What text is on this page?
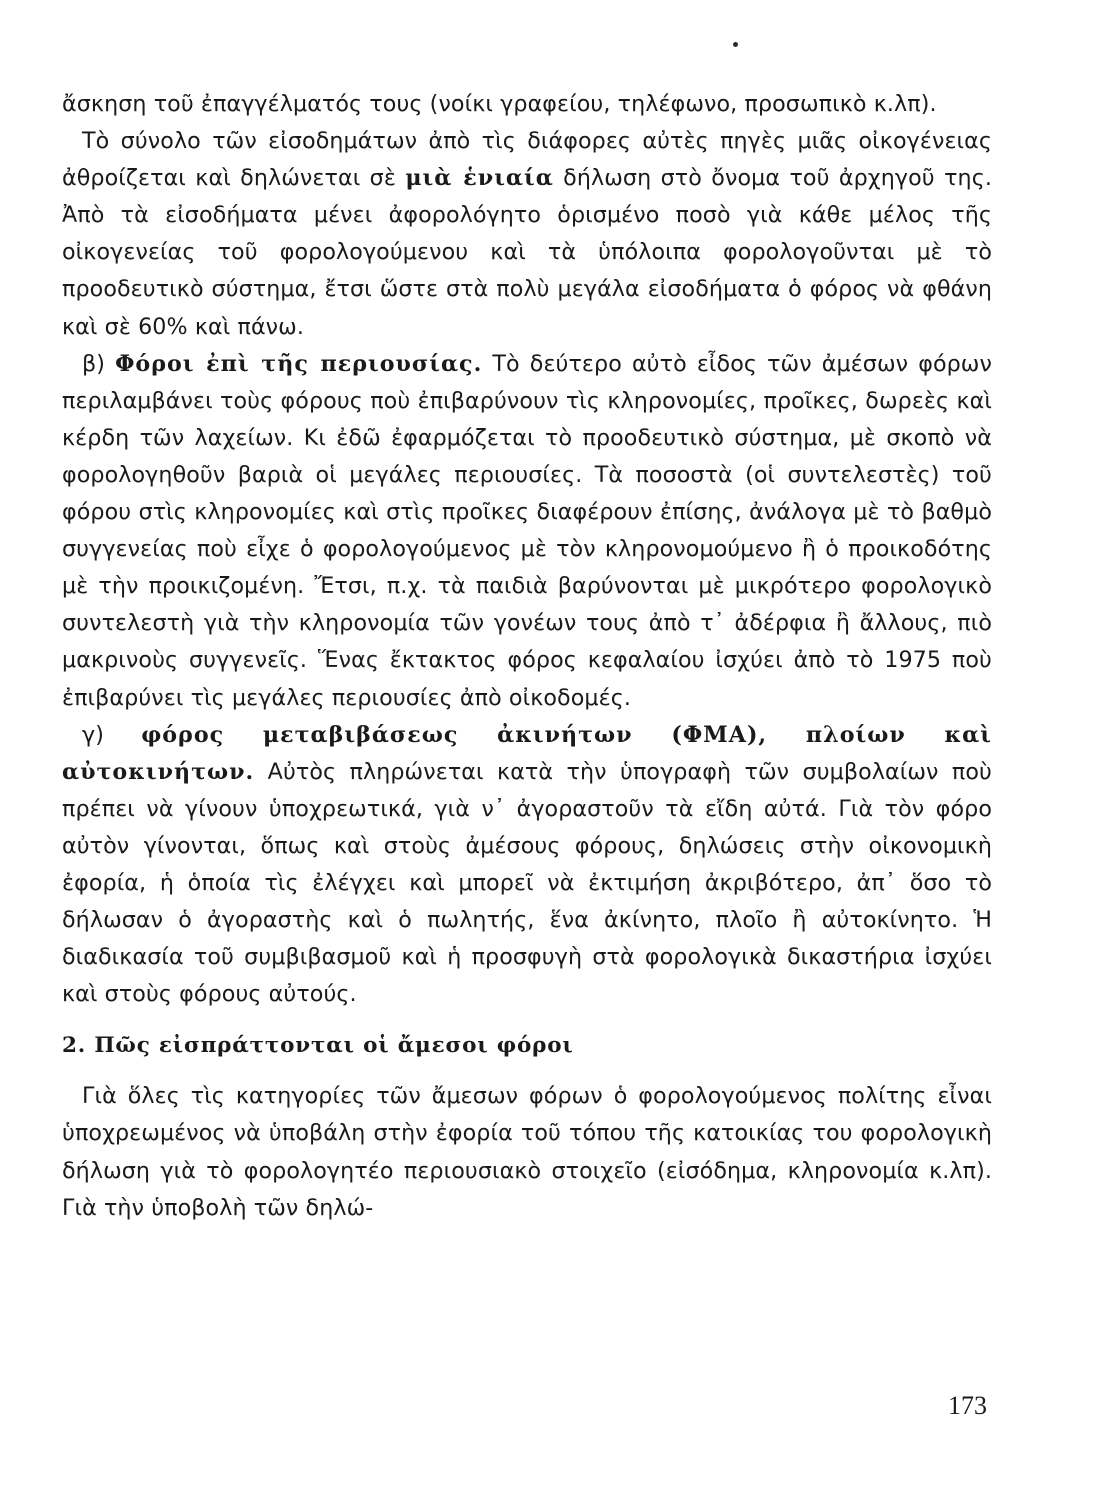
ἄσκηση τοῦ ἐπαγγέλματός τους (νοίκι γραφείου, τηλέφωνο, προσωπικὸ κ.λπ).

Τὸ σύνολο τῶν εἰσοδημάτων ἀπὸ τὶς διάφορες αὐτὲς πηγὲς μιᾶς οἰκογένειας ἀθροίζεται καὶ δηλώνεται σὲ μιὰ ἑνιαία δήλωση στὸ ὄνομα τοῦ ἀρχηγοῦ της. Ἀπὸ τὰ εἰσοδήματα μένει ἀφορολόγητο ὁρισμένο ποσὸ γιὰ κάθε μέλος τῆς οἰκογενείας τοῦ φορολογούμενου καὶ τὰ ὑπόλοιπα φορολογοῦνται μὲ τὸ προοδευτικὸ σύστημα, ἔτσι ὥστε στὰ πολὺ μεγάλα εἰσοδήματα ὁ φόρος νὰ φθάνη καὶ σὲ 60% καὶ πάνω.

β) Φόροι ἐπὶ τῆς περιουσίας. Τὸ δεύτερο αὐτὸ εἶδος τῶν ἀμέσων φόρων περιλαμβάνει τοὺς φόρους ποὺ ἐπιβαρύνουν τὶς κληρονομίες, προῖκες, δωρεὲς καὶ κέρδη τῶν λαχείων. Κι ἐδῶ ἐφαρμόζεται τὸ προοδευτικὸ σύστημα, μὲ σκοπὸ νὰ φορολογηθοῦν βαριὰ οἱ μεγάλες περιουσίες. Τὰ ποσοστὰ (οἱ συντελεστὲς) τοῦ φόρου στὶς κληρονομίες καὶ στὶς προῖκες διαφέρουν ἐπίσης, ἀνάλογα μὲ τὸ βαθμὸ συγγενείας ποὺ εἶχε ὁ φορολογούμενος μὲ τὸν κληρονομούμενο ἢ ὁ προικοδότης μὲ τὴν προικιζομένη. Ἔτσι, π.χ. τὰ παιδιὰ βαρύνονται μὲ μικρότερο φορολογικὸ συντελεστὴ γιὰ τὴν κληρονομία τῶν γονέων τους ἀπὸ τ᾽ ἀδέρφια ἢ ἄλλους, πιὸ μακρινοὺς συγγενεῖς. Ἕνας ἔκτακτος φόρος κεφαλαίου ἰσχύει ἀπὸ τὸ 1975 ποὺ ἐπιβαρύνει τὶς μεγάλες περιουσίες ἀπὸ οἰκοδομές.

γ) φόρος μεταβιβάσεως ἀκινήτων (ΦΜΑ), πλοίων καὶ αὐτοκινήτων. Αὐτὸς πληρώνεται κατὰ τὴν ὑπογραφὴ τῶν συμβολαίων ποὺ πρέπει νὰ γίνουν ὑποχρεωτικά, γιὰ ν᾽ ἀγοραστοῦν τὰ εἴδη αὐτά. Γιὰ τὸν φόρο αὐτὸν γίνονται, ὅπως καὶ στοὺς ἀμέσους φόρους, δηλώσεις στὴν οἰκονομικὴ ἐφορία, ἡ ὁποία τὶς ἐλέγχει καὶ μπορεῖ νὰ ἐκτιμήση ἀκριβότερο, ἀπ᾽ ὅσο τὸ δήλωσαν ὁ ἀγοραστὴς καὶ ὁ πωλητής, ἕνα ἀκίνητο, πλοῖο ἢ αὐτοκίνητο. Ἡ διαδικασία τοῦ συμβιβασμοῦ καὶ ἡ προσφυγὴ στὰ φορολογικὰ δικαστήρια ἰσχύει καὶ στοὺς φόρους αὐτούς.

2. Πῶς εἰσπράττονται οἱ ἄμεσοι φόροι

Γιὰ ὅλες τὶς κατηγορίες τῶν ἄμεσων φόρων ὁ φορολογούμενος πολίτης εἶναι ὑποχρεωμένος νὰ ὑποβάλη στὴν ἐφορία τοῦ τόπου τῆς κατοικίας του φορολογικὴ δήλωση γιὰ τὸ φορολογητέο περιουσιακὸ στοιχεῖο (εἰσόδημα, κληρονομία κ.λπ). Γιὰ τὴν ὑποβολὴ τῶν δηλώ-

173
